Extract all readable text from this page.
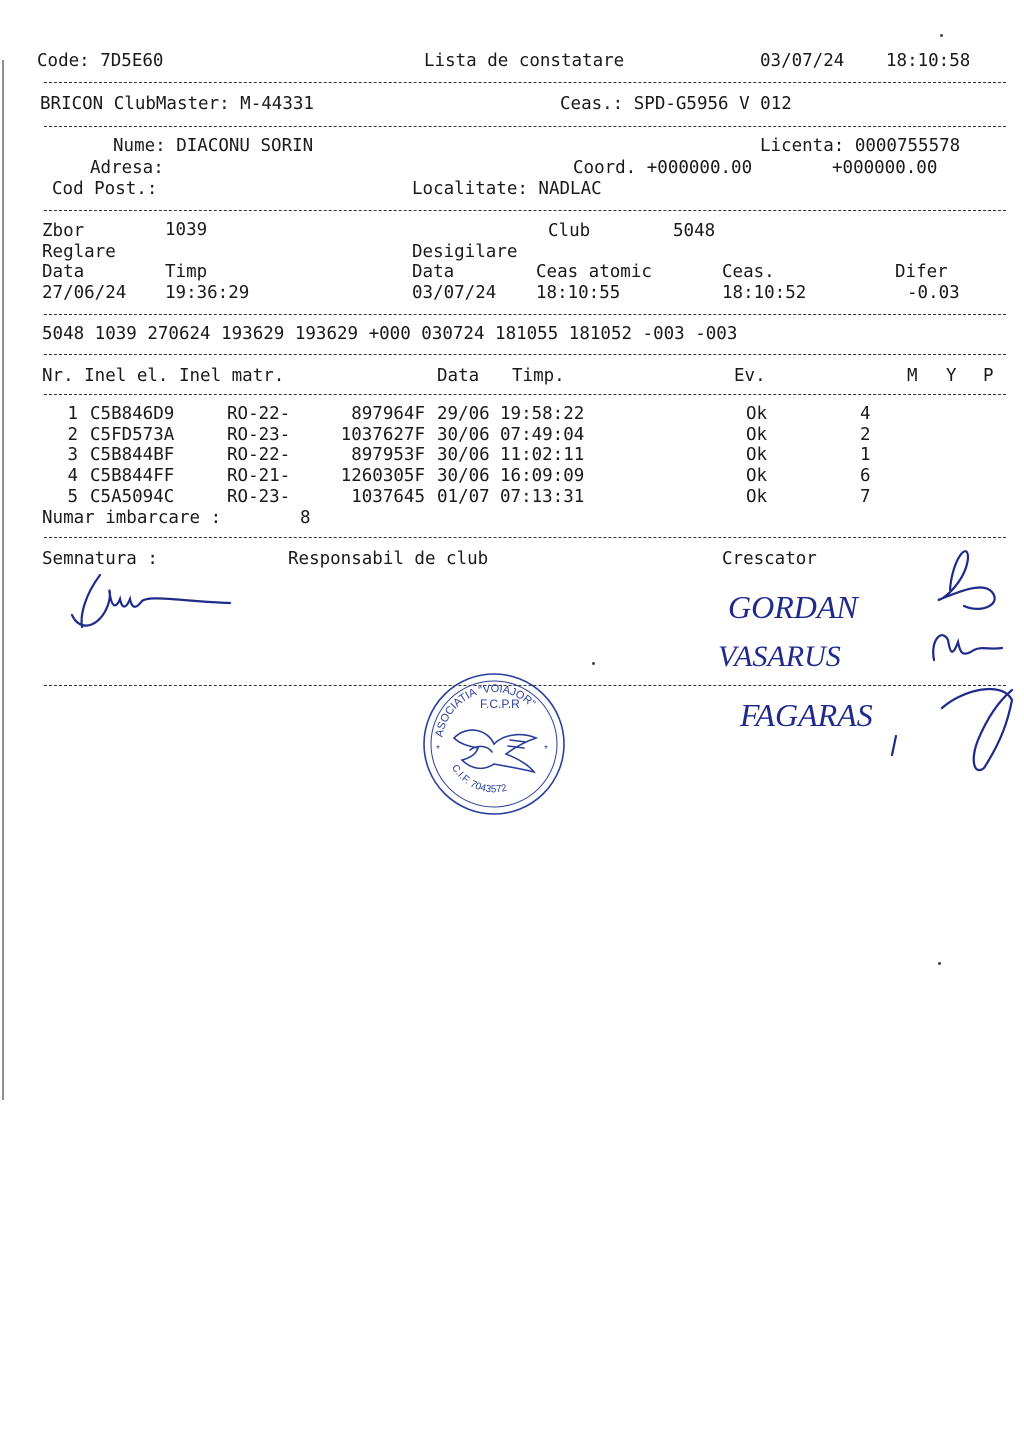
Code: 7D5E60	Lista de constatare	03/07/24 18:10:58
BRICON ClubMaster: M-44331	Ceas.: SPD-G5956 V 012
Nume: DIACONU SORIN	Licenta: 0000755578
Adresa:	Coord. +000000.00	+000000.00
Cod Post.:	Localitate: NADLAC
Zbor	1039	Club	5048
Reglare	Desigilare
Data	Timp	Data	Ceas atomic	Ceas.	Difer
27/06/24 19:36:29	03/07/24 18:10:55	18:10:52	-0.03
5048 1039 270624 193629 193629 +000 030724 181055 181052 -003 -003
Nr. Inel el. Inel matr.	Data Timp.	Ev.	M Y P
1 C5B846D9	RO-22-	897964F 29/06 19:58:22	Ok	4
2 C5FD573A	RO-23-	1037627F 30/06 07:49:04	Ok	2
3 C5B844BF	RO-22-	897953F 30/06 11:02:11	Ok	1
4 C5B844FF	RO-21-	1260305F 30/06 16:09:09	Ok	6
5 C5A5094C	RO-23-	1037645 01/07 07:13:31	Ok	7
Numar imbarcare :	8
Semnatura :	Responsabil de club	Crescator
GORDAN
VASARUS
FAGARAS
ASOCIATIA "VOIAJOR"
F.C.P.R
*	*
C.I.F. 7043572
